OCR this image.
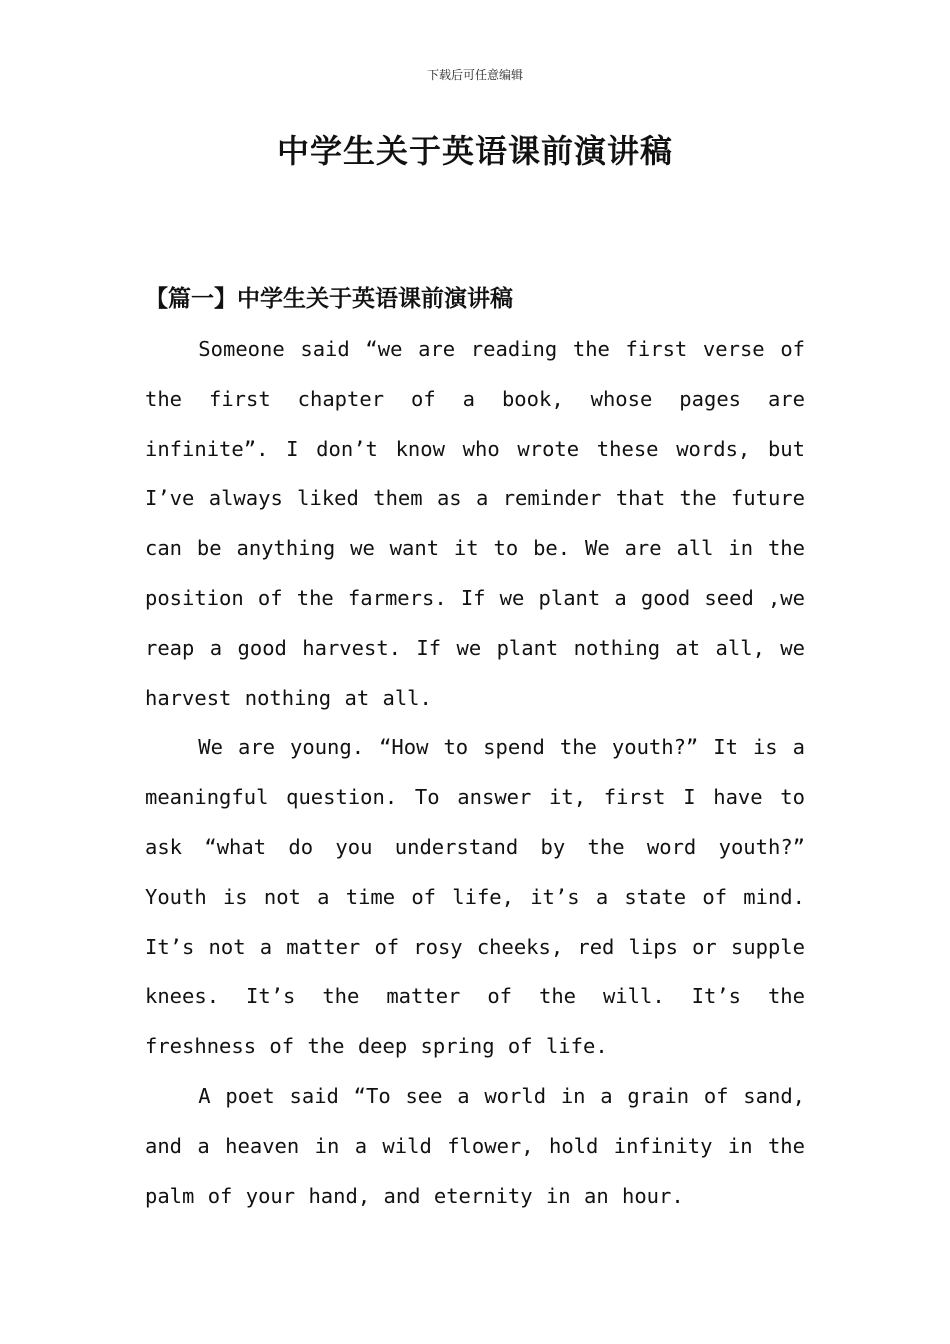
下载后可任意编辑
中学生关于英语课前演讲稿
【篇一】中学生关于英语课前演讲稿

Someone said “we are reading the first verse of the first chapter of a book, whose pages are infinite”. I don’t know who wrote these words, but I’ve always liked them as a reminder that the future can be anything we want it to be. We are all in the position of the farmers. If we plant a good seed ,we reap a good harvest. If we plant nothing at all, we harvest nothing at all.

We are young. “How to spend the youth?” It is a meaningful question. To answer it, first I have to ask “what do you understand by the word youth?” Youth is not a time of life, it’s a state of mind. It’s not a matter of rosy cheeks, red lips or supple knees. It’s the matter of the will. It’s the freshness of the deep spring of life.

A poet said “To see a world in a grain of sand, and a heaven in a wild flower, hold infinity in the palm of your hand, and eternity in an hour.
